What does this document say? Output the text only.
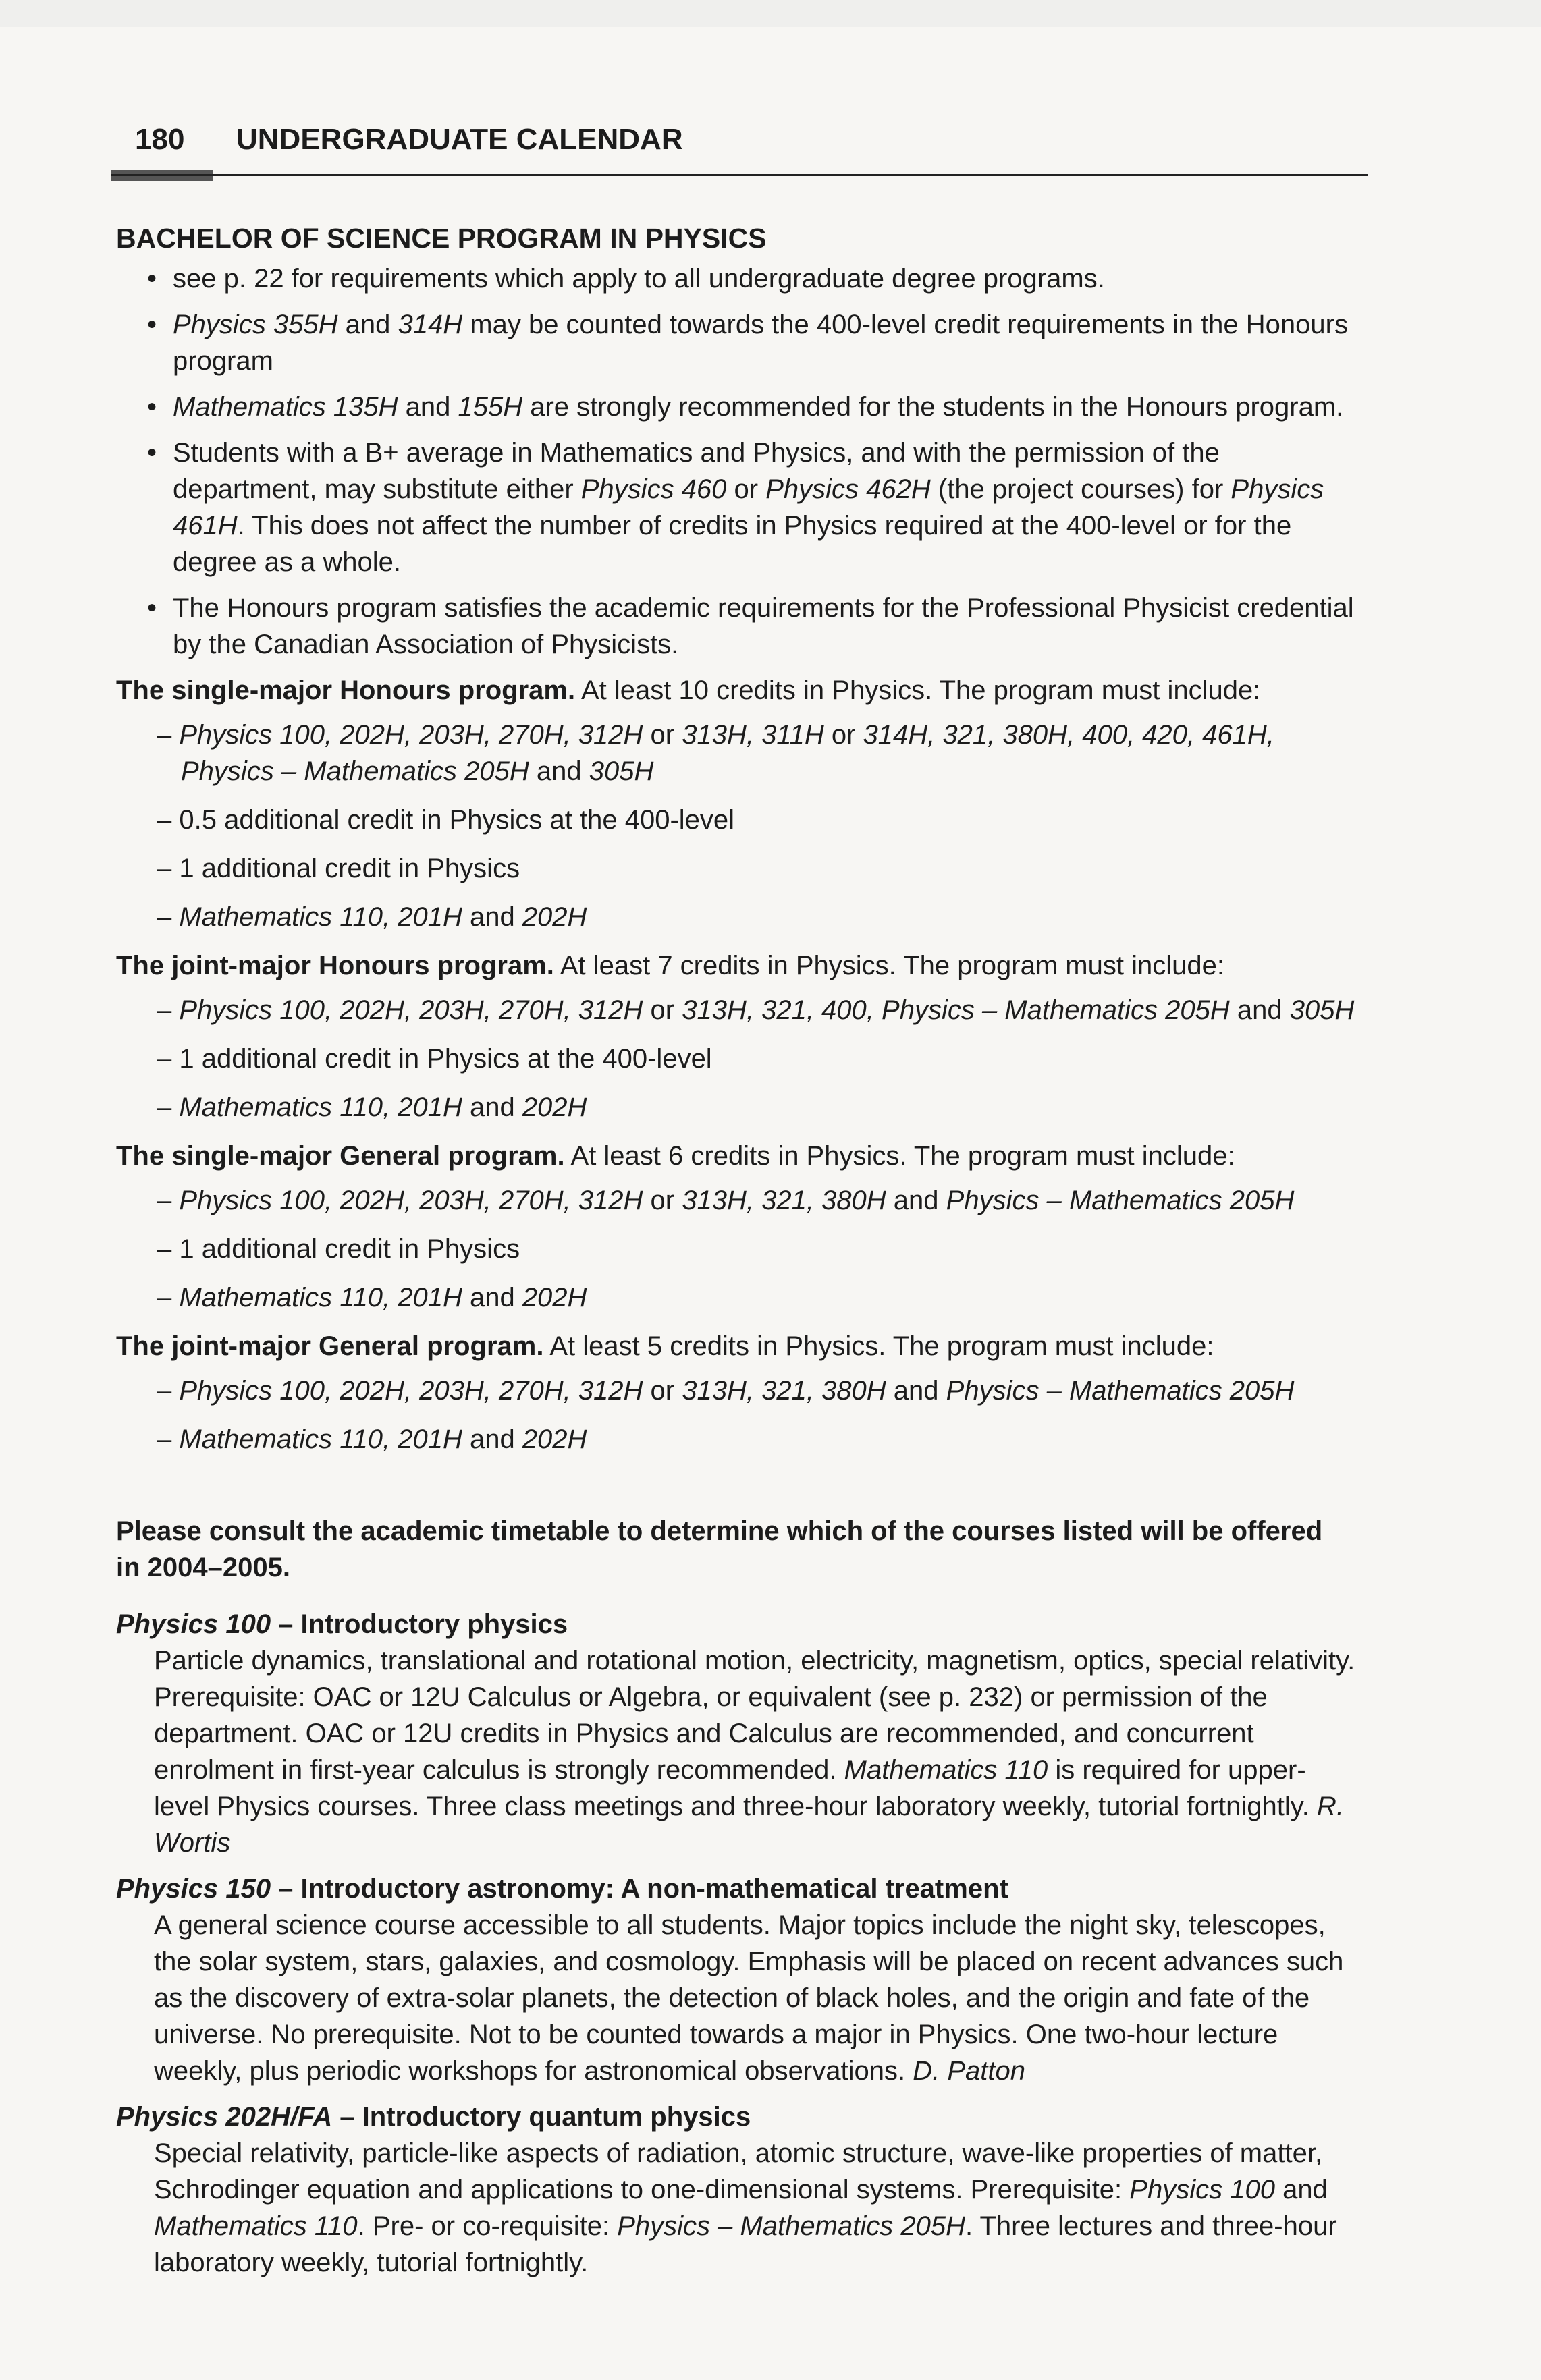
180 UNDERGRADUATE CALENDAR
BACHELOR OF SCIENCE PROGRAM IN PHYSICS
• see p. 22 for requirements which apply to all undergraduate degree programs.
• Physics 355H and 314H may be counted towards the 400-level credit requirements in the Honours program
• Mathematics 135H and 155H are strongly recommended for the students in the Honours program.
• Students with a B+ average in Mathematics and Physics, and with the permission of the department, may substitute either Physics 460 or Physics 462H (the project courses) for Physics 461H. This does not affect the number of credits in Physics required at the 400-level or for the degree as a whole.
• The Honours program satisfies the academic requirements for the Professional Physicist credential by the Canadian Association of Physicists.
The single-major Honours program. At least 10 credits in Physics. The program must include:
– Physics 100, 202H, 203H, 270H, 312H or 313H, 311H or 314H, 321, 380H, 400, 420, 461H, Physics – Mathematics 205H and 305H
– 0.5 additional credit in Physics at the 400-level
– 1 additional credit in Physics
– Mathematics 110, 201H and 202H
The joint-major Honours program. At least 7 credits in Physics. The program must include:
– Physics 100, 202H, 203H, 270H, 312H or 313H, 321, 400, Physics – Mathematics 205H and 305H
– 1 additional credit in Physics at the 400-level
– Mathematics 110, 201H and 202H
The single-major General program. At least 6 credits in Physics. The program must include:
– Physics 100, 202H, 203H, 270H, 312H or 313H, 321, 380H and Physics – Mathematics 205H
– 1 additional credit in Physics
– Mathematics 110, 201H and 202H
The joint-major General program. At least 5 credits in Physics. The program must include:
– Physics 100, 202H, 203H, 270H, 312H or 313H, 321, 380H and Physics – Mathematics 205H
– Mathematics 110, 201H and 202H
Please consult the academic timetable to determine which of the courses listed will be offered in 2004–2005.
Physics 100 – Introductory physics
Particle dynamics, translational and rotational motion, electricity, magnetism, optics, special relativity. Prerequisite: OAC or 12U Calculus or Algebra, or equivalent (see p. 232) or permission of the department. OAC or 12U credits in Physics and Calculus are recommended, and concurrent enrolment in first-year calculus is strongly recommended. Mathematics 110 is required for upper-level Physics courses. Three class meetings and three-hour laboratory weekly, tutorial fortnightly. R. Wortis
Physics 150 – Introductory astronomy: A non-mathematical treatment
A general science course accessible to all students. Major topics include the night sky, telescopes, the solar system, stars, galaxies, and cosmology. Emphasis will be placed on recent advances such as the discovery of extra-solar planets, the detection of black holes, and the origin and fate of the universe. No prerequisite. Not to be counted towards a major in Physics. One two-hour lecture weekly, plus periodic workshops for astronomical observations. D. Patton
Physics 202H/FA – Introductory quantum physics
Special relativity, particle-like aspects of radiation, atomic structure, wave-like properties of matter, Schrodinger equation and applications to one-dimensional systems. Prerequisite: Physics 100 and Mathematics 110. Pre- or co-requisite: Physics – Mathematics 205H. Three lectures and three-hour laboratory weekly, tutorial fortnightly.
